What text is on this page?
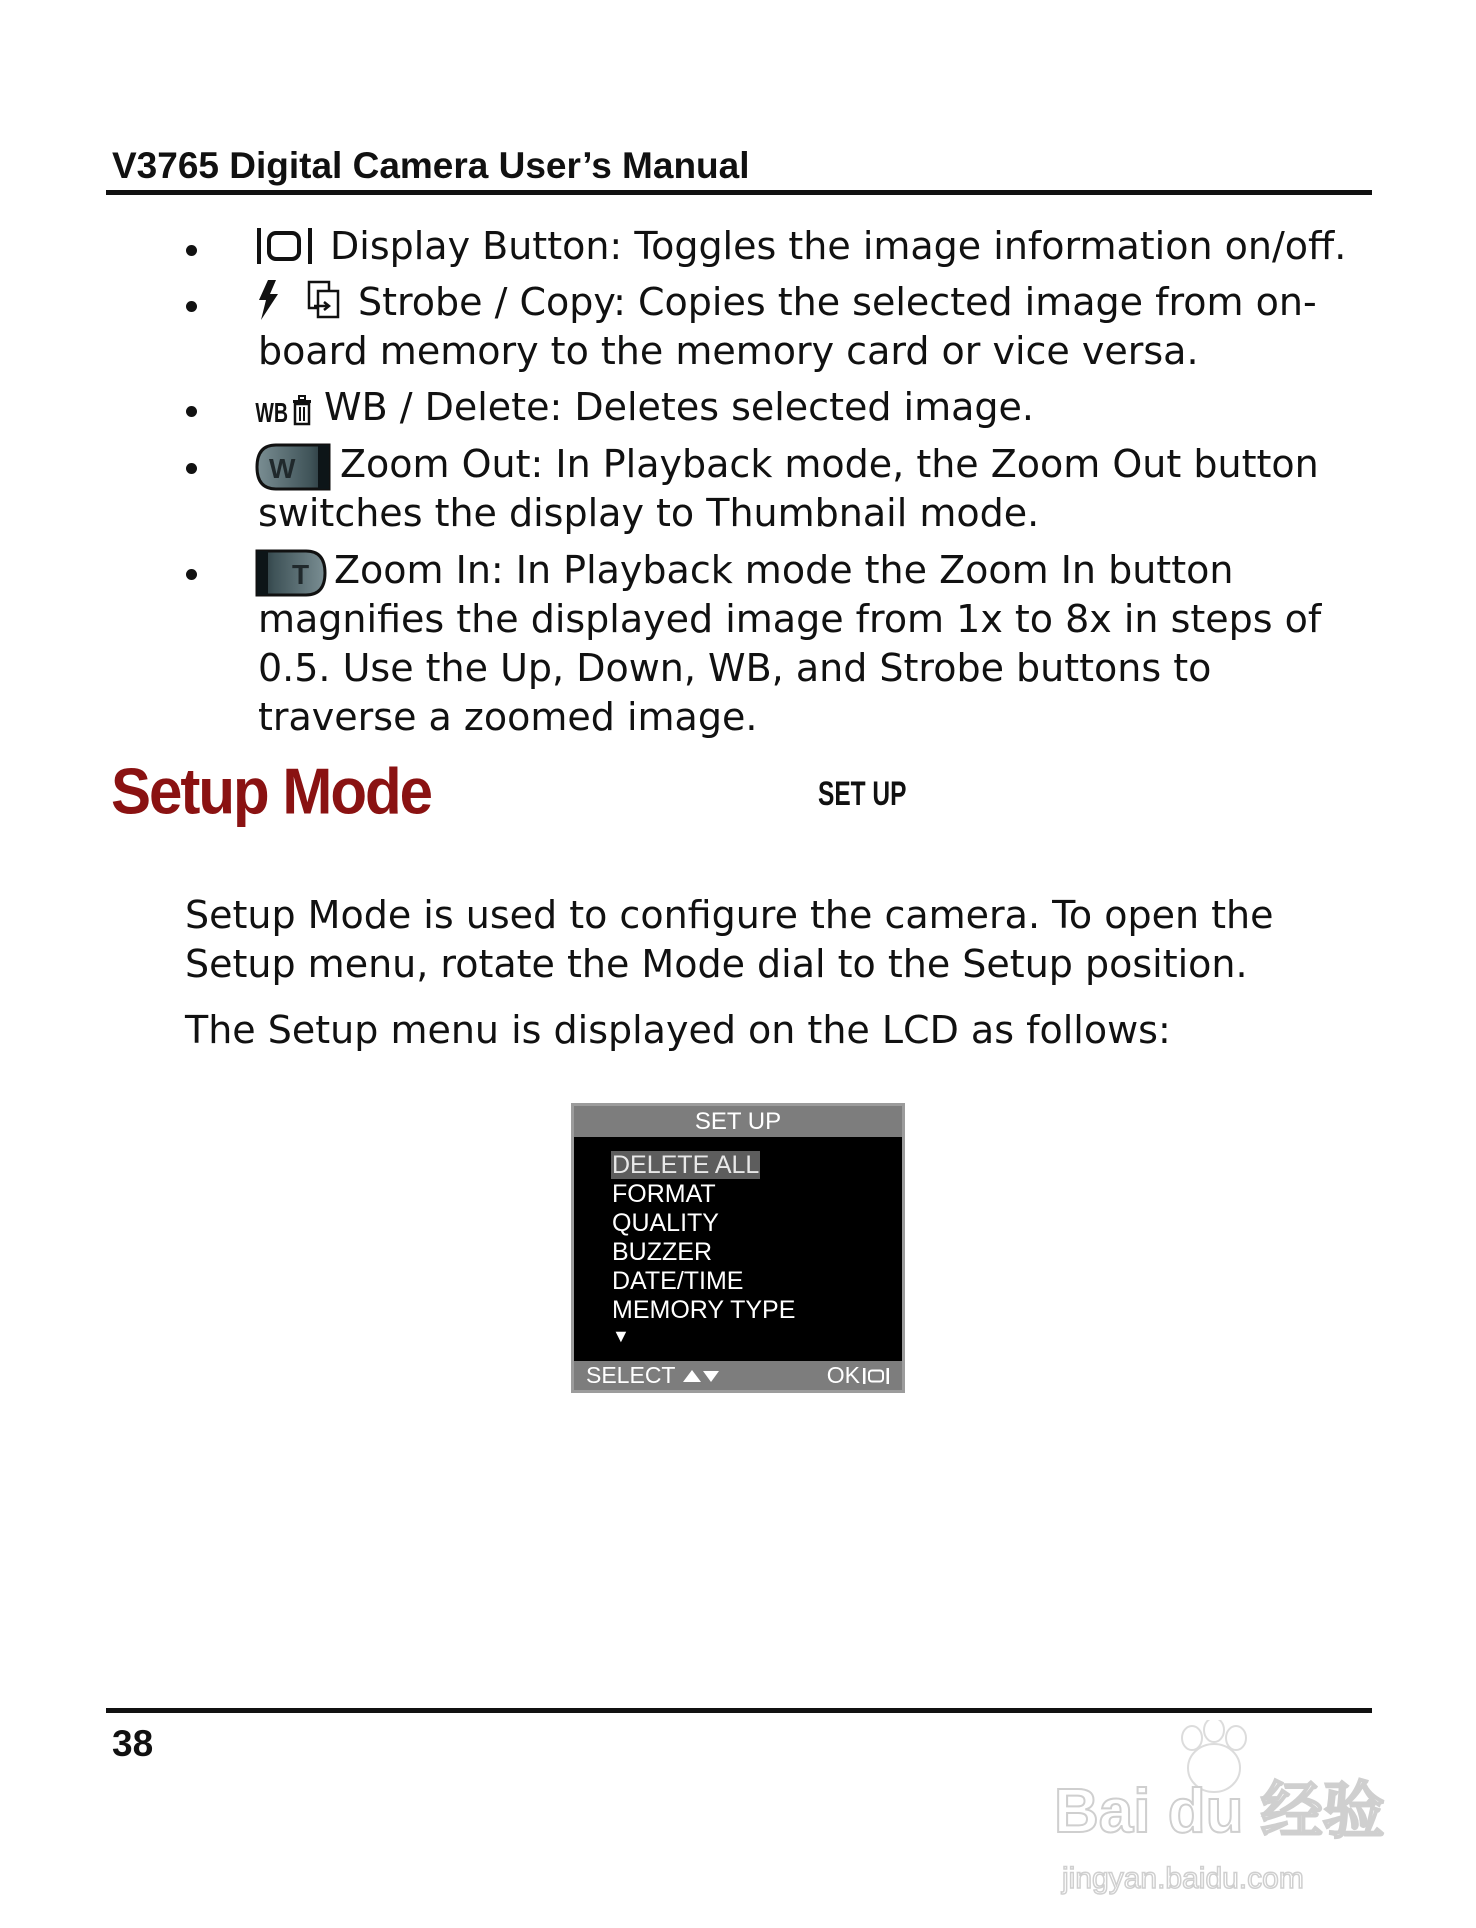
V3765 Digital Camera User’s Manual
Display Button: Toggles the image information on/off.
Strobe / Copy: Copies the selected image from on-
board memory to the memory card or vice versa.
WB WB / Delete: Deletes selected image.
W Zoom Out: In Playback mode, the Zoom Out button
switches the display to Thumbnail mode.
T Zoom In: In Playback mode the Zoom In button
magnifies the displayed image from 1x to 8x in steps of
0.5. Use the Up, Down, WB, and Strobe buttons to
traverse a zoomed image.
Setup Mode	SET UP
Setup Mode is used to configure the camera. To open the
Setup menu, rotate the Mode dial to the Setup position.
The Setup menu is displayed on the LCD as follows:
SET UP
DELETE ALL
FORMAT
QUALITY
BUZZER
DATE/TIME
MEMORY TYPE
▼
SELECT	OK
38
Bai du 经验
jingyan.baidu.com
